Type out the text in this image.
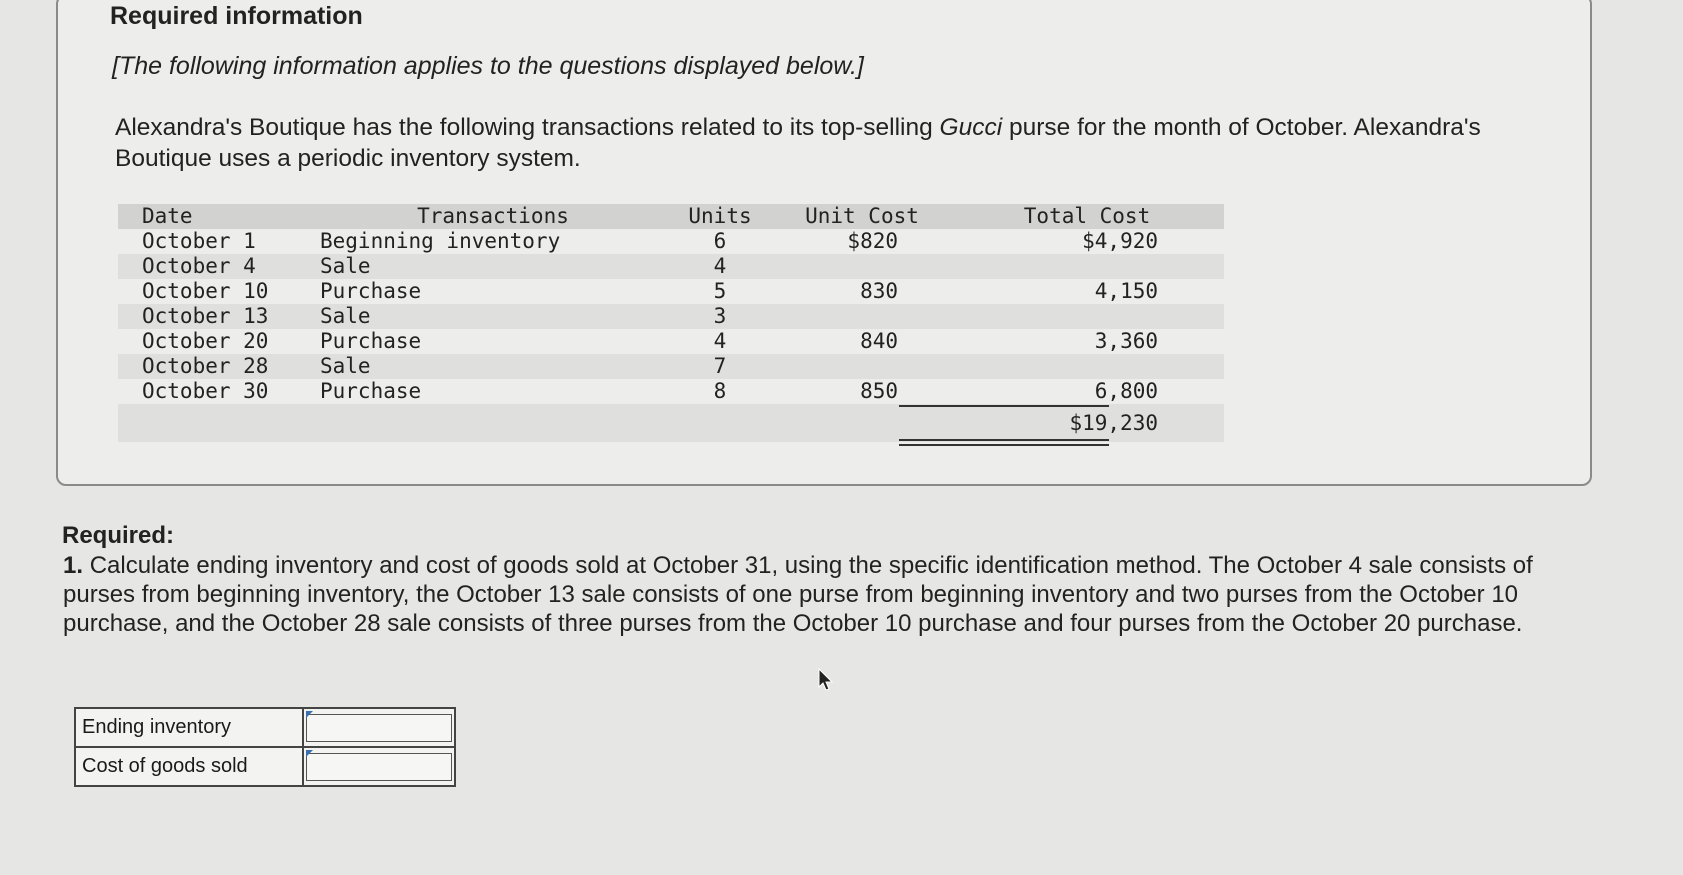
Required information
[The following information applies to the questions displayed below.]
Alexandra's Boutique has the following transactions related to its top-selling Gucci purse for the month of October. Alexandra's Boutique uses a periodic inventory system.
Date	Transactions	Units	Unit Cost	Total Cost
October 1	Beginning inventory	6	$820	$4,920
October 4	Sale	4		
October 10	Purchase	5	830	4,150
October 13	Sale	3		
October 20	Purchase	4	840	3,360
October 28	Sale	7		
October 30	Purchase	8	850	6,800
				$19,230
Required:
1. Calculate ending inventory and cost of goods sold at October 31, using the specific identification method. The October 4 sale consists of purses from beginning inventory, the October 13 sale consists of one purse from beginning inventory and two purses from the October 10 purchase, and the October 28 sale consists of three purses from the October 10 purchase and four purses from the October 20 purchase.
Ending inventory	
Cost of goods sold	
